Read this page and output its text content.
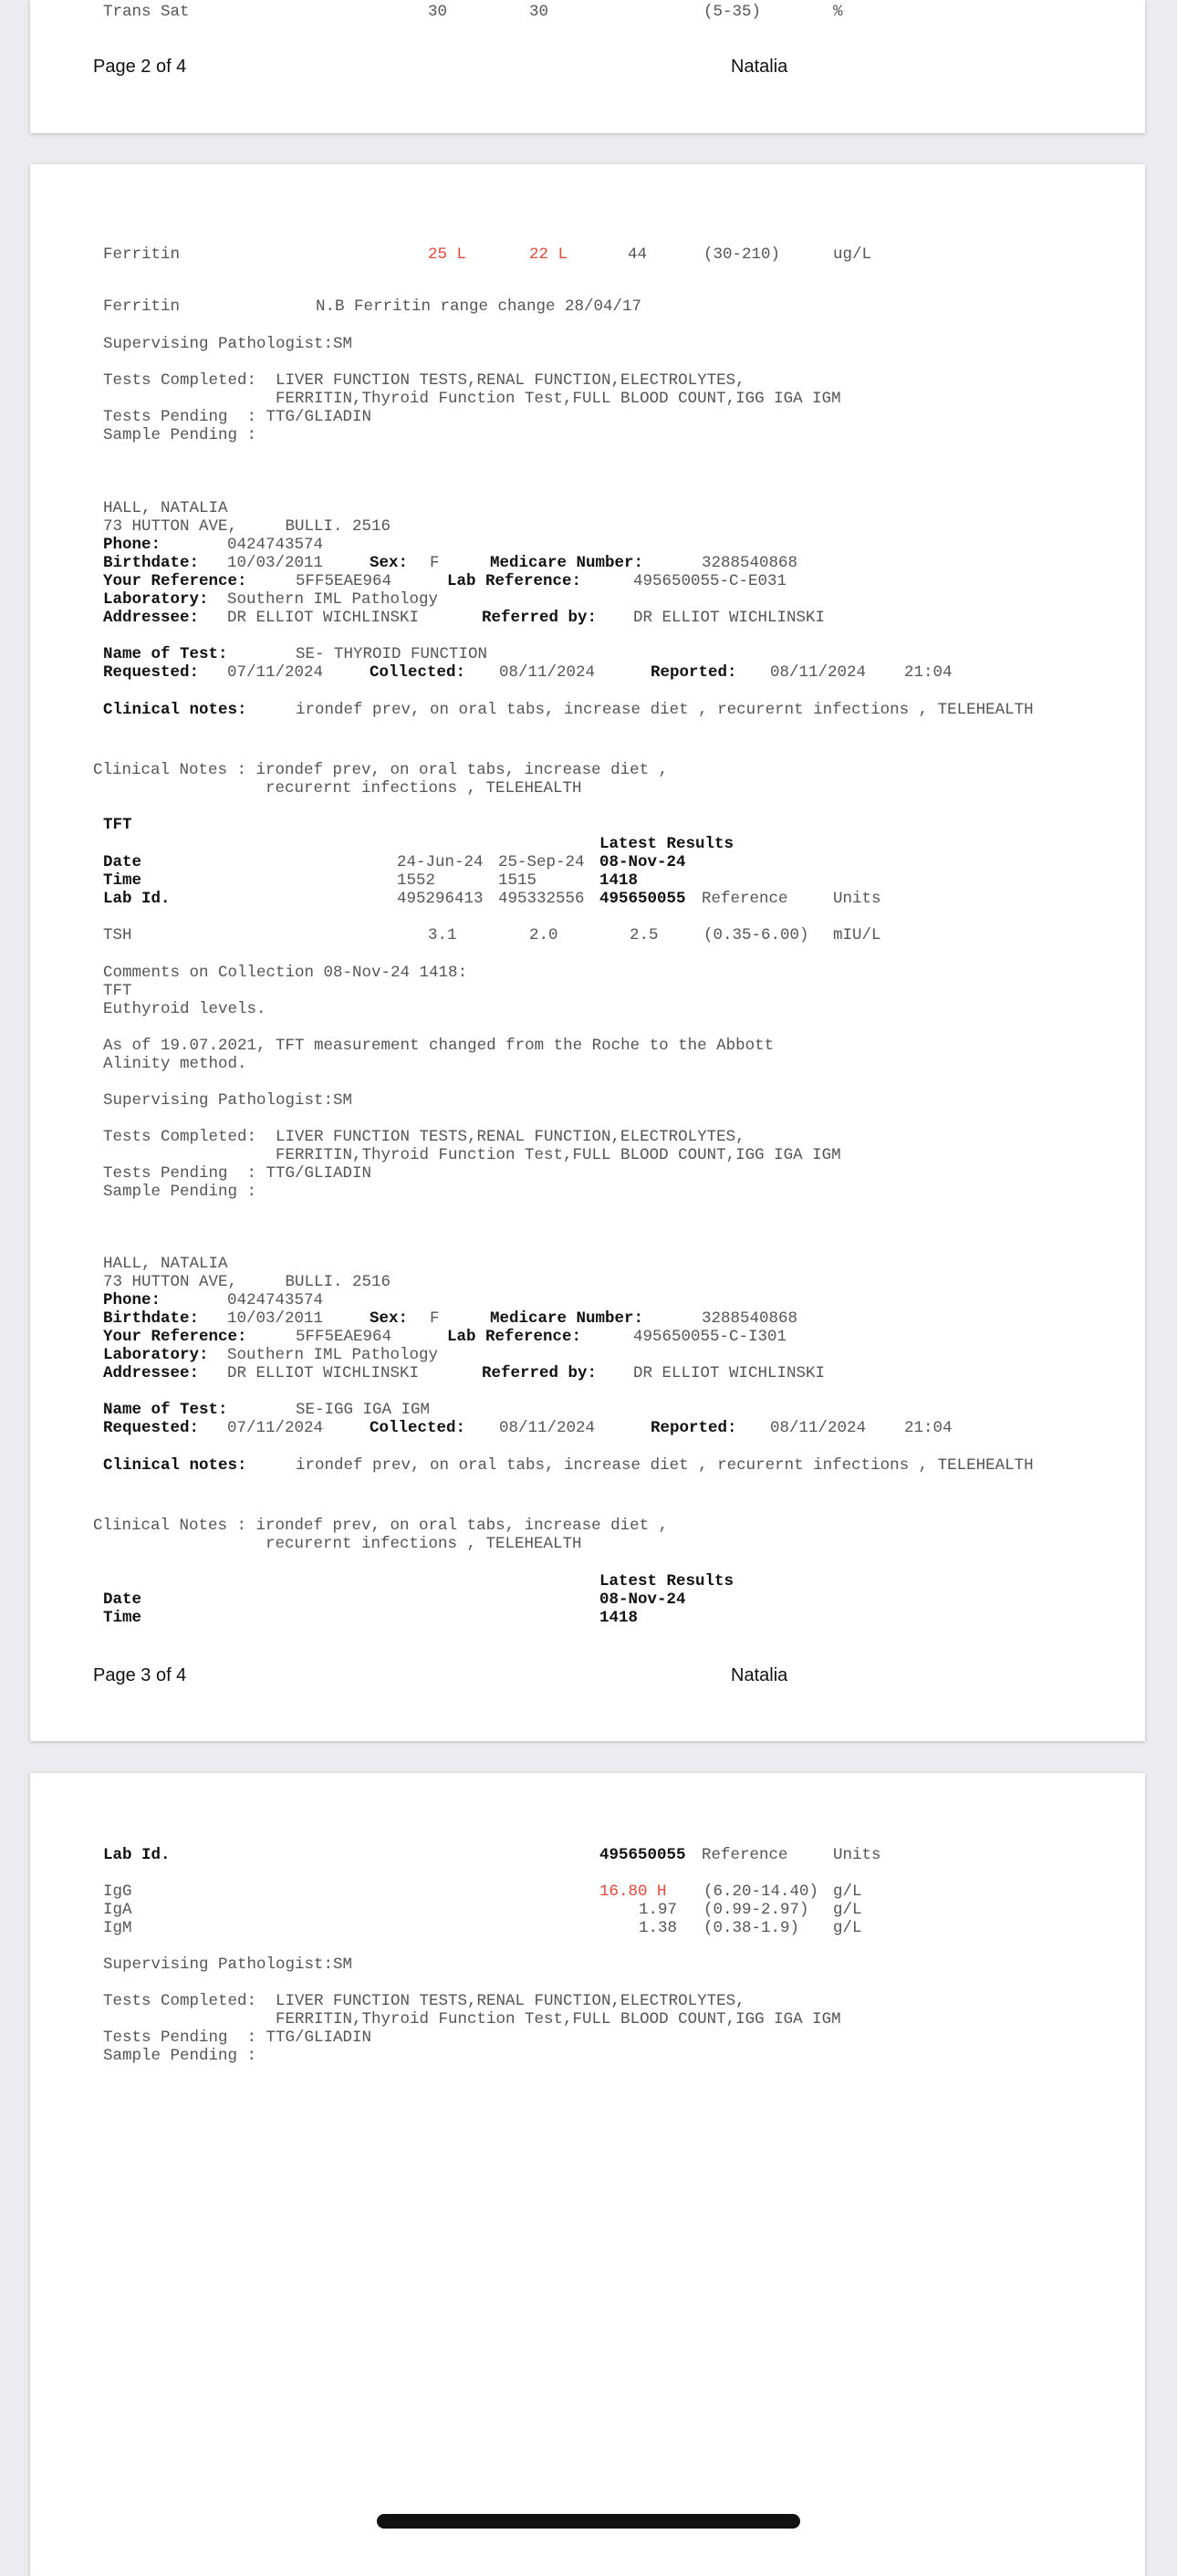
Trans Sat	30	30	(5-35)	%
Page 2 of 4	Natalia
Ferritin	25 L	22 L	44	(30-210)	ug/L
Ferritin	N.B Ferritin range change 28/04/17
Supervising Pathologist:SM
Tests Completed: LIVER FUNCTION TESTS,RENAL FUNCTION,ELECTROLYTES,
FERRITIN,Thyroid Function Test,FULL BLOOD COUNT,IGG IGA IGM
Tests Pending  : TTG/GLIADIN
Sample Pending :
HALL, NATALIA
73 HUTTON AVE,     BULLI. 2516
Phone:	0424743574
Birthdate: 10/03/2011	Sex: F	Medicare Number:	3288540868
Your Reference:	5FF5EAE964	Lab Reference:	495650055-C-E031
Laboratory: Southern IML Pathology
Addressee: DR ELLIOT WICHLINSKI	Referred by: DR ELLIOT WICHLINSKI
Name of Test:	SE- THYROID FUNCTION
Requested: 07/11/2024	Collected: 08/11/2024	Reported: 08/11/2024    21:04
Clinical notes:	irondef prev, on oral tabs, increase diet , recurernt infections , TELEHEALTH
Clinical Notes : irondef prev, on oral tabs, increase diet ,
recurernt infections , TELEHEALTH
TFT
Latest Results
Date	24-Jun-24 25-Sep-24 08-Nov-24
Time	1552	1515	1418
Lab Id.	495296413 495332556 495650055 Reference	Units
TSH	3.1	2.0	2.5	(0.35-6.00) mIU/L
Comments on Collection 08-Nov-24 1418:
TFT
Euthyroid levels.
As of 19.07.2021, TFT measurement changed from the Roche to the Abbott
Alinity method.
Supervising Pathologist:SM
Tests Completed: LIVER FUNCTION TESTS,RENAL FUNCTION,ELECTROLYTES,
FERRITIN,Thyroid Function Test,FULL BLOOD COUNT,IGG IGA IGM
Tests Pending  : TTG/GLIADIN
Sample Pending :
HALL, NATALIA
73 HUTTON AVE,     BULLI. 2516
Phone:	0424743574
Birthdate: 10/03/2011	Sex: F	Medicare Number:	3288540868
Your Reference:	5FF5EAE964	Lab Reference:	495650055-C-I301
Laboratory: Southern IML Pathology
Addressee: DR ELLIOT WICHLINSKI	Referred by: DR ELLIOT WICHLINSKI
Name of Test:	SE-IGG IGA IGM
Requested: 07/11/2024	Collected: 08/11/2024	Reported: 08/11/2024    21:04
Clinical notes:	irondef prev, on oral tabs, increase diet , recurernt infections , TELEHEALTH
Clinical Notes : irondef prev, on oral tabs, increase diet ,
recurernt infections , TELEHEALTH
Latest Results
Date	08-Nov-24
Time	1418
Page 3 of 4	Natalia
Lab Id.	495650055 Reference	Units
IgG	16.80 H (6.20-14.40) g/L
IgA	1.97 (0.99-2.97) g/L
IgM	1.38 (0.38-1.9) g/L
Supervising Pathologist:SM
Tests Completed: LIVER FUNCTION TESTS,RENAL FUNCTION,ELECTROLYTES,
FERRITIN,Thyroid Function Test,FULL BLOOD COUNT,IGG IGA IGM
Tests Pending  : TTG/GLIADIN
Sample Pending :
